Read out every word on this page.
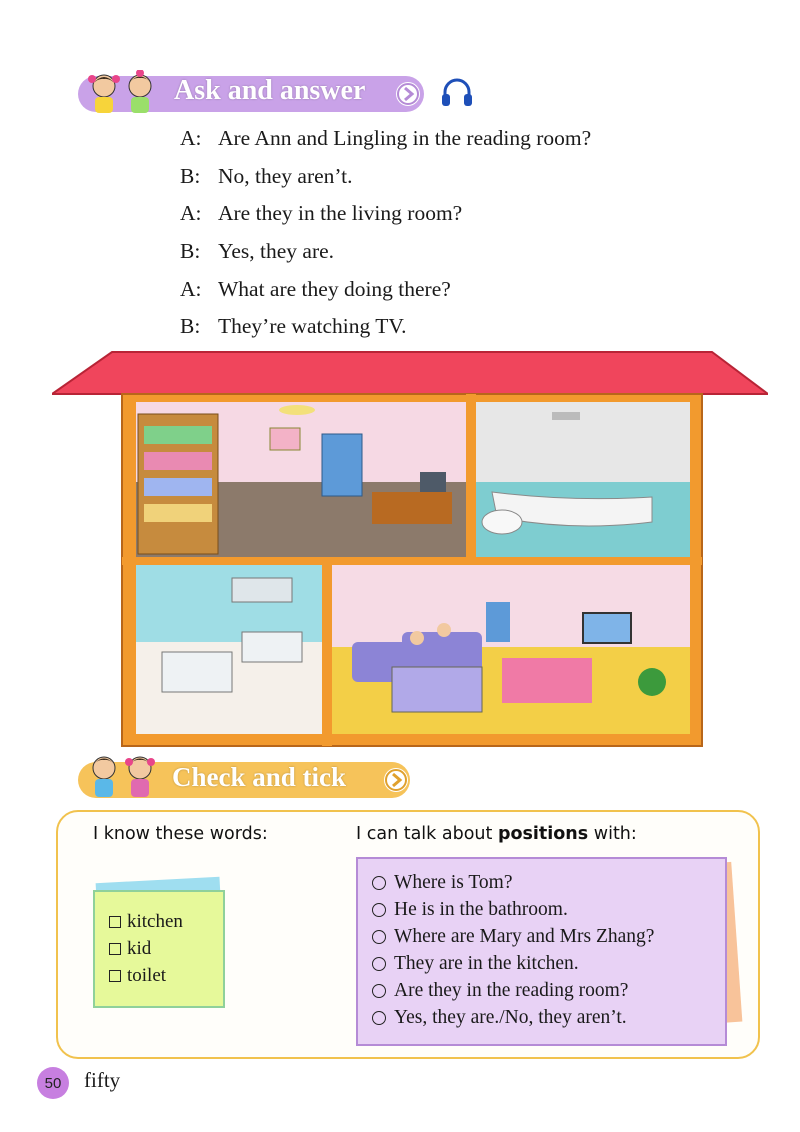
Ask and answer
A: Are Ann and Lingling in the reading room?
B: No, they aren’t.
A: Are they in the living room?
B: Yes, they are.
A: What are they doing there?
B: They’re watching TV.
Check and tick
I know these words:	I can talk about positions with:
kitchen
kid
toilet
Where is Tom?
He is in the bathroom.
Where are Mary and Mrs Zhang?
They are in the kitchen.
Are they in the reading room?
Yes, they are./No, they aren’t.
50	fifty
